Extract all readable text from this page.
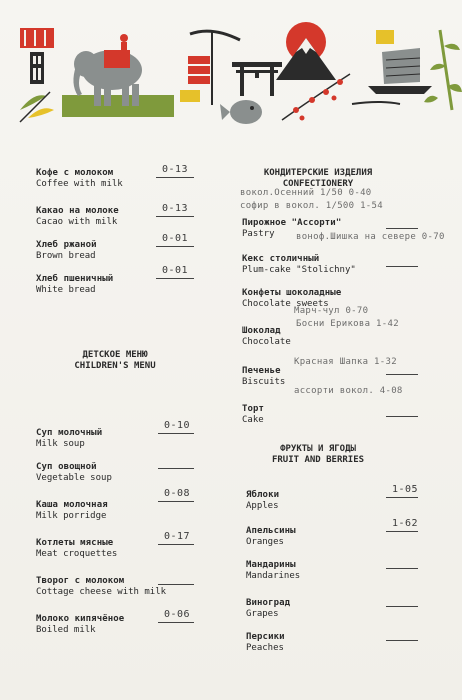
Кофе с молоком
Coffee with milk
0-13
Какао на молоке
Cacao with milk
0-13
Хлеб ржаной
Brown bread
0-01
Хлеб пшеничный
White bread
0-01
ДЕТСКОЕ МЕНЮ
CHILDREN'S MENU
Суп молочный
Milk soup
0-10
Суп овощной
Vegetable soup
Каша молочная
Milk porridge
0-08
Котлеты мясные
Meat croquettes
0-17
Творог с молоком
Cottage cheese with milk
Молоко кипячёное
Boiled milk
0-06
КОНДИТЕРСКИЕ ИЗДЕЛИЯ
CONFECTIONERY
вокол.Осенний 1/50 0-40
софир в вокол. 1/500 1-54
Пирожное "Ассорти"
Pastry	воноф.Шишка на севере 0-70
Кекс столичный
Plum-cake "Stolichny"
Конфеты шоколадные
Chocolate sweets
Марч-чул 0-70
Босни Ерикова 1-42
Шоколад
Chocolate
Печенье
Biscuits
Красная Шапка 1-32
ассорти вокол. 4-08
Торт
Cake
ФРУКТЫ И ЯГОДЫ
FRUIT AND BERRIES
Яблоки
Apples
1-05
Апельсины
Oranges
1-62
Мандарины
Mandarines
Виноград
Grapes
Персики
Peaches
